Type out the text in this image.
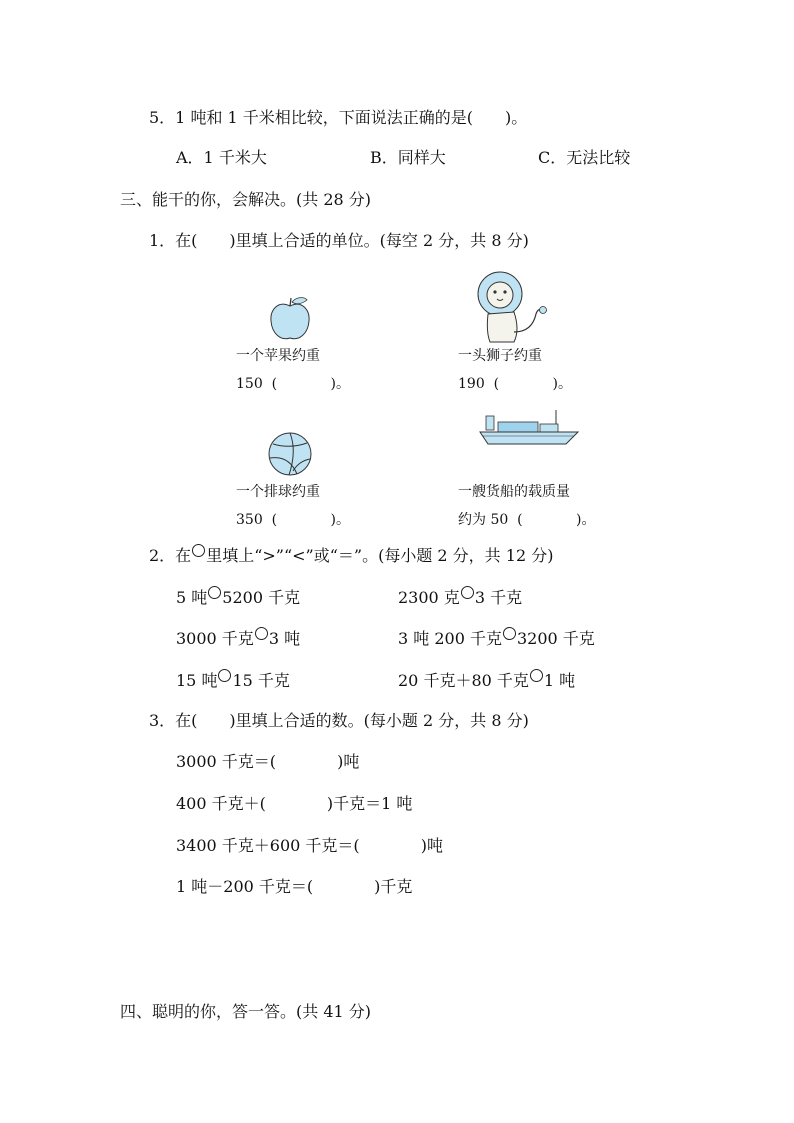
5．1 吨和 1 千米相比较，下面说法正确的是(　　)。
A．1 千米大	B．同样大	C．无法比较
三、能干的你，会解决。(共 28 分)
1．在(　　)里填上合适的单位。(每空 2 分，共 8 分)
一个苹果约重
150  (            )。
一头狮子约重
190  (            )。
一个排球约重
350  (            )。
一艘货船的载质量
约为 50  (            )。
2．在 里填上“>”“<”或“＝”。(每小题 2 分，共 12 分)
5 吨 5200 千克	2300 克 3 千克
3000 千克 3 吨	3 吨 200 千克 3200 千克
15 吨 15 千克	20 千克＋80 千克 1 吨
3．在(　　)里填上合适的数。(每小题 2 分，共 8 分)
3000 千克＝(            )吨
400 千克＋(            )千克＝1 吨
3400 千克＋600 千克＝(            )吨
1 吨－200 千克＝(            )千克
四、聪明的你，答一答。(共 41 分)
